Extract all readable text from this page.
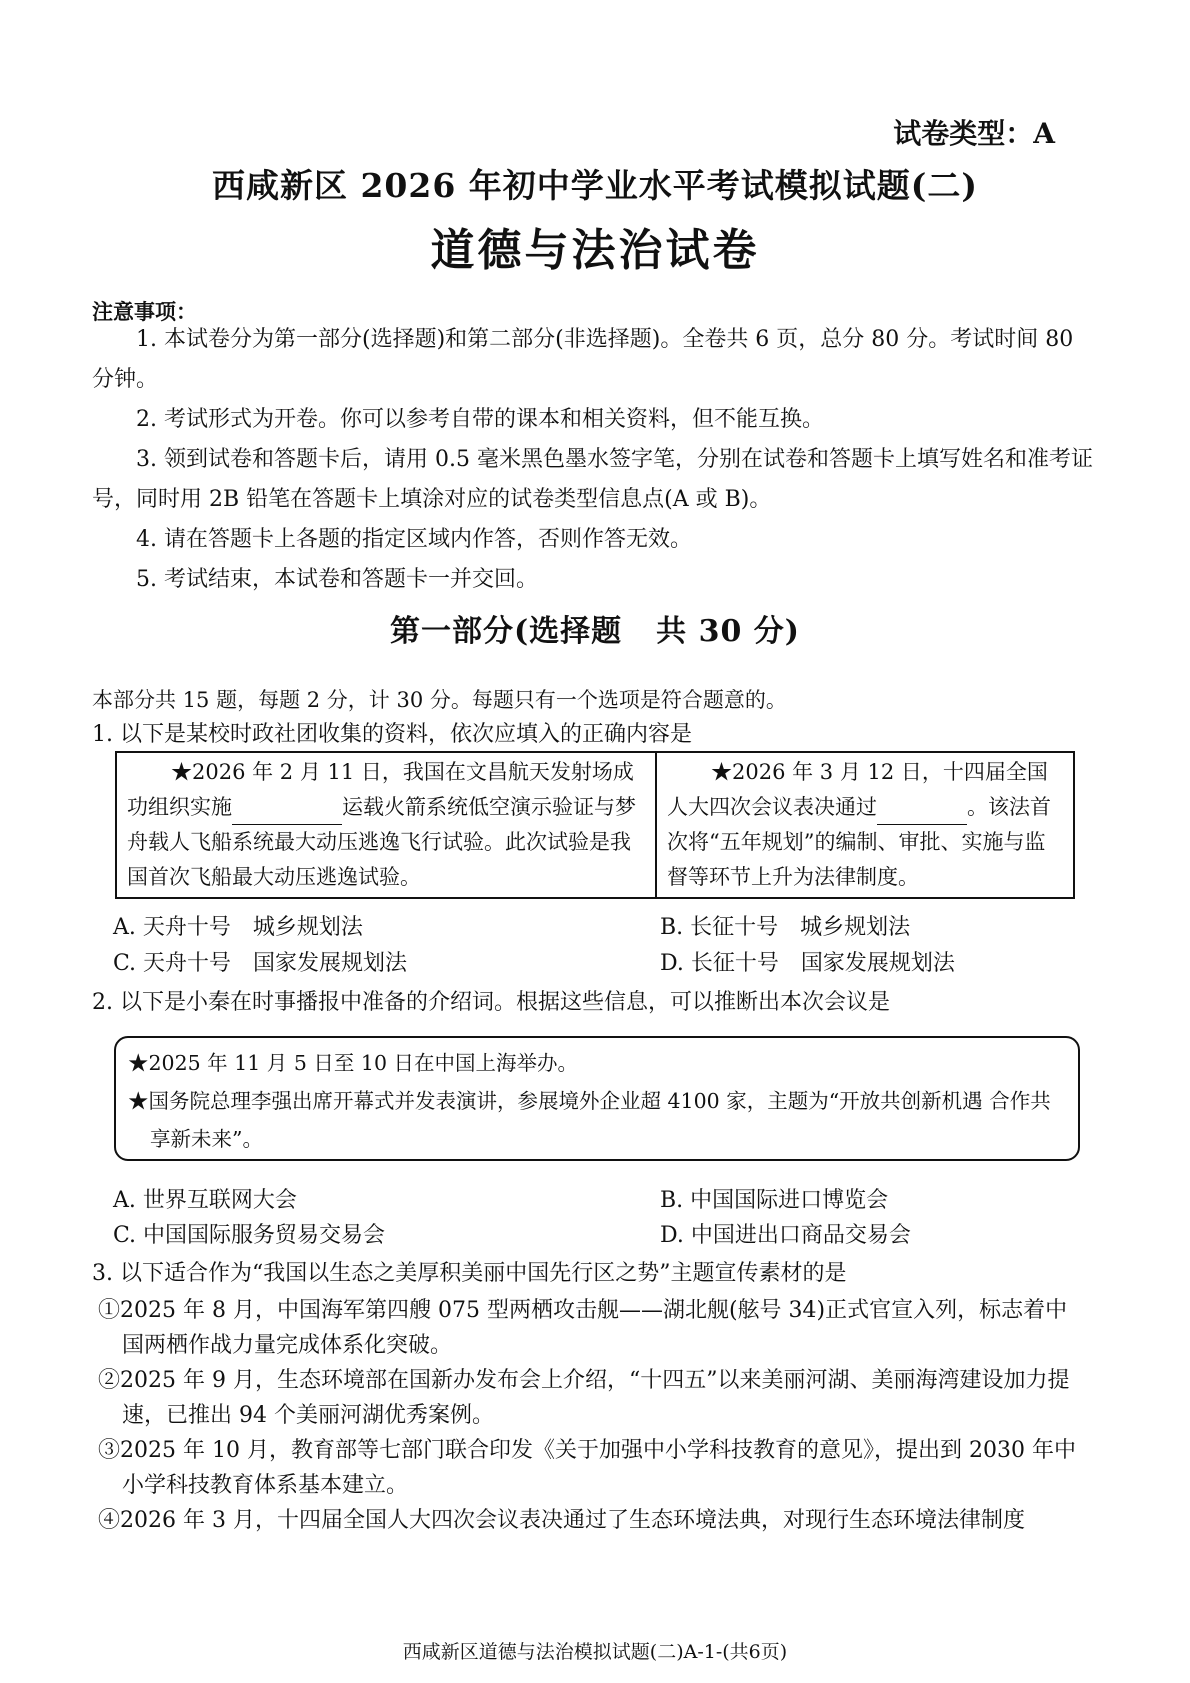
试卷类型：A
西咸新区 2026 年初中学业水平考试模拟试题(二)
道德与法治试卷
注意事项：

1. 本试卷分为第一部分(选择题)和第二部分(非选择题)。全卷共 6 页，总分 80 分。考试时间 80 分钟。

2. 考试形式为开卷。你可以参考自带的课本和相关资料，但不能互换。

3. 领到试卷和答题卡后，请用 0.5 毫米黑色墨水签字笔，分别在试卷和答题卡上填写姓名和准考证号，同时用 2B 铅笔在答题卡上填涂对应的试卷类型信息点(A 或 B)。

4. 请在答题卡上各题的指定区域内作答，否则作答无效。

5. 考试结束，本试卷和答题卡一并交回。

第一部分(选择题 共 30 分)
本部分共 15 题，每题 2 分，计 30 分。每题只有一个选项是符合题意的。
1. 以下是某校时政社团收集的资料，依次应填入的正确内容是

★2026 年 2 月 11 日，我国在文昌航天发射场成功组织实施	运载火箭系统低空演示验证与梦舟载人飞船系统最大动压逃逸飞行试验。此次试验是我国首次飞船最大动压逃逸试验。

★2026 年 3 月 12 日，十四届全国人大四次会议表决通过	。该法首次将“五年规划”的编制、审批、实施与监督等环节上升为法律制度。

A. 天舟十号　城乡规划法	B. 长征十号　城乡规划法
C. 天舟十号　国家发展规划法	D. 长征十号　国家发展规划法
2. 以下是小秦在时事播报中准备的介绍词。根据这些信息，可以推断出本次会议是

★2025 年 11 月 5 日至 10 日在中国上海举办。

★国务院总理李强出席开幕式并发表演讲，参展境外企业超 4100 家，主题为“开放共创新机遇 合作共享新未来”。

A. 世界互联网大会	B. 中国国际进口博览会
C. 中国国际服务贸易交易会	D. 中国进出口商品交易会
3. 以下适合作为“我国以生态之美厚积美丽中国先行区之势”主题宣传素材的是

①2025 年 8 月，中国海军第四艘 075 型两栖攻击舰——湖北舰(舷号 34)正式官宣入列，标志着中国两栖作战力量完成体系化突破。

②2025 年 9 月，生态环境部在国新办发布会上介绍，“十四五”以来美丽河湖、美丽海湾建设加力提速，已推出 94 个美丽河湖优秀案例。

③2025 年 10 月，教育部等七部门联合印发《关于加强中小学科技教育的意见》，提出到 2030 年中小学科技教育体系基本建立。

④2026 年 3 月，十四届全国人大四次会议表决通过了生态环境法典，对现行生态环境法律制度

西咸新区道德与法治模拟试题(二)A-1-(共6页)
